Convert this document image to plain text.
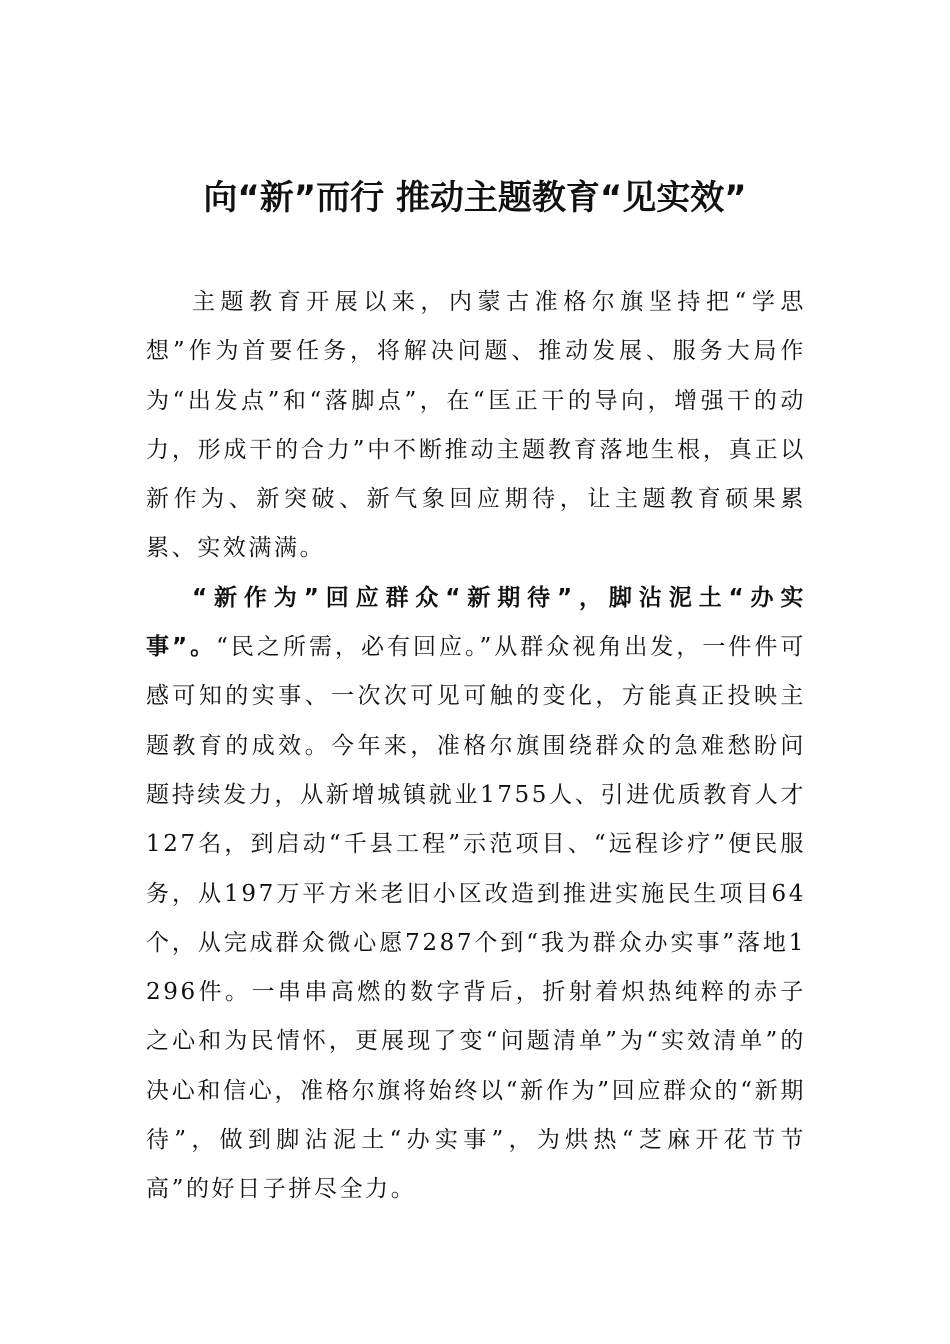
向“新”而行 推动主题教育“见实效”

主题教育开展以来，内蒙古准格尔旗坚持把“学思想”作为首要任务，将解决问题、推动发展、服务大局作为“出发点”和“落脚点”，在“匡正干的导向，增强干的动力，形成干的合力”中不断推动主题教育落地生根，真正以新作为、新突破、新气象回应期待，让主题教育硕果累累、实效满满。

“新作为”回应群众“新期待”，脚沾泥土“办实事”。“民之所需，必有回应。”从群众视角出发，一件件可感可知的实事、一次次可见可触的变化，方能真正投映主题教育的成效。今年来，准格尔旗围绕群众的急难愁盼问题持续发力，从新增城镇就业1755人、引进优质教育人才127名，到启动“千县工程”示范项目、“远程诊疗”便民服务，从197万平方米老旧小区改造到推进实施民生项目64个，从完成群众微心愿7287个到“我为群众办实事”落地1296件。一串串高燃的数字背后，折射着炽热纯粹的赤子之心和为民情怀，更展现了变“问题清单”为“实效清单”的决心和信心，准格尔旗将始终以“新作为”回应群众的“新期待”，做到脚沾泥土“办实事”，为烘热“芝麻开花节节高”的好日子拼尽全力。
